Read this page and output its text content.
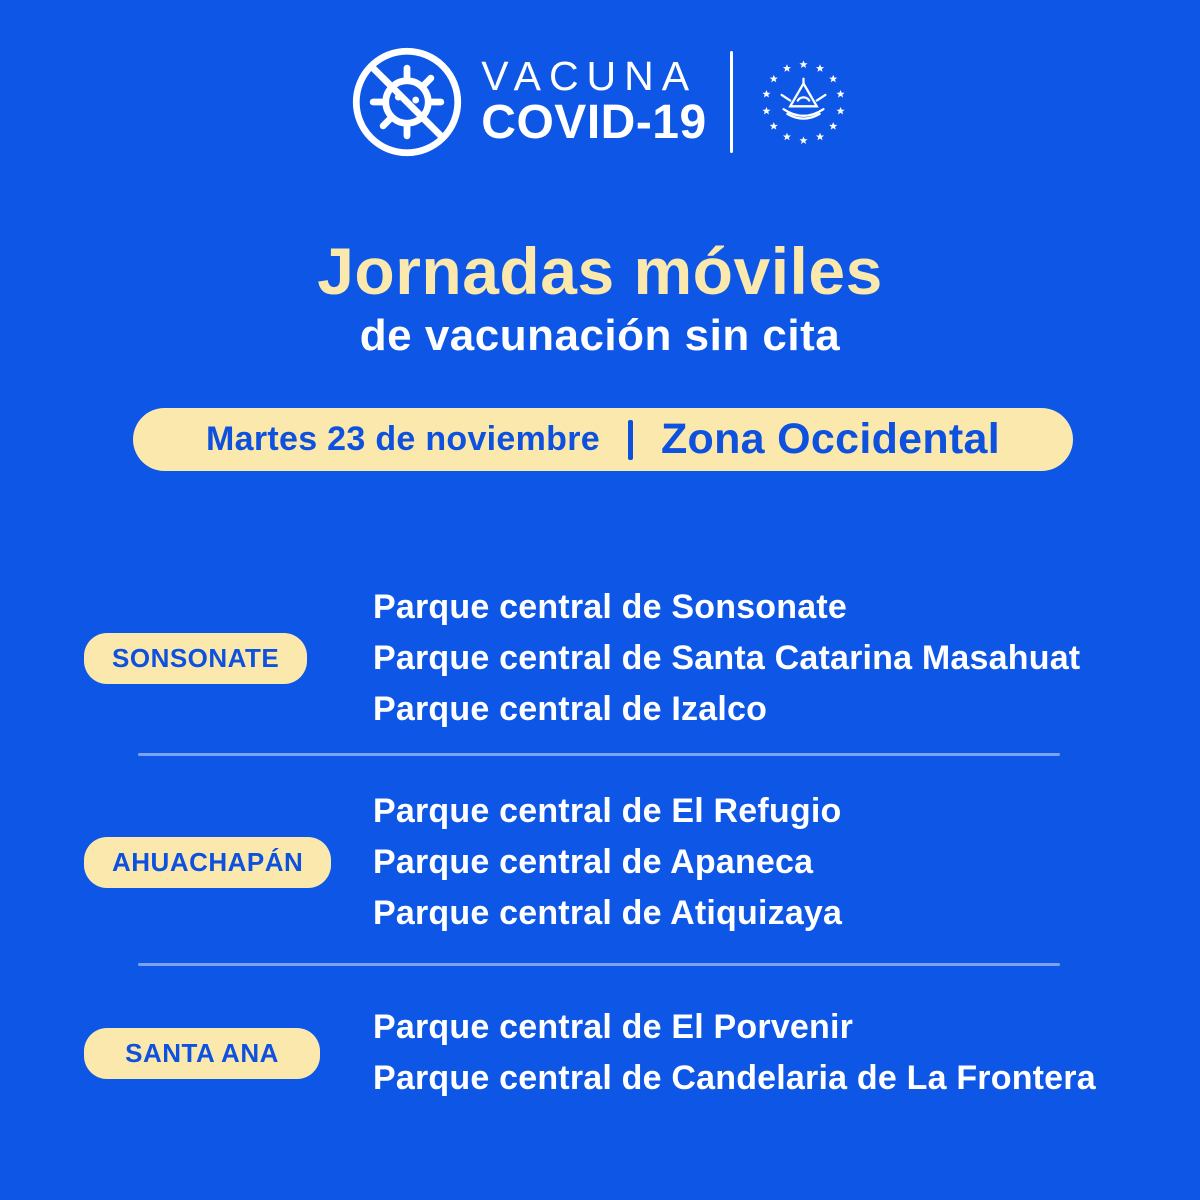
VACUNA
COVID-19
Jornadas móviles
de vacunación sin cita
Martes 23 de noviembre Zona Occidental
SONSONATE
Parque central de Sonsonate
Parque central de Santa Catarina Masahuat
Parque central de Izalco
AHUACHAPÁN
Parque central de El Refugio
Parque central de Apaneca
Parque central de Atiquizaya
SANTA ANA
Parque central de El Porvenir
Parque central de Candelaria de La Frontera
